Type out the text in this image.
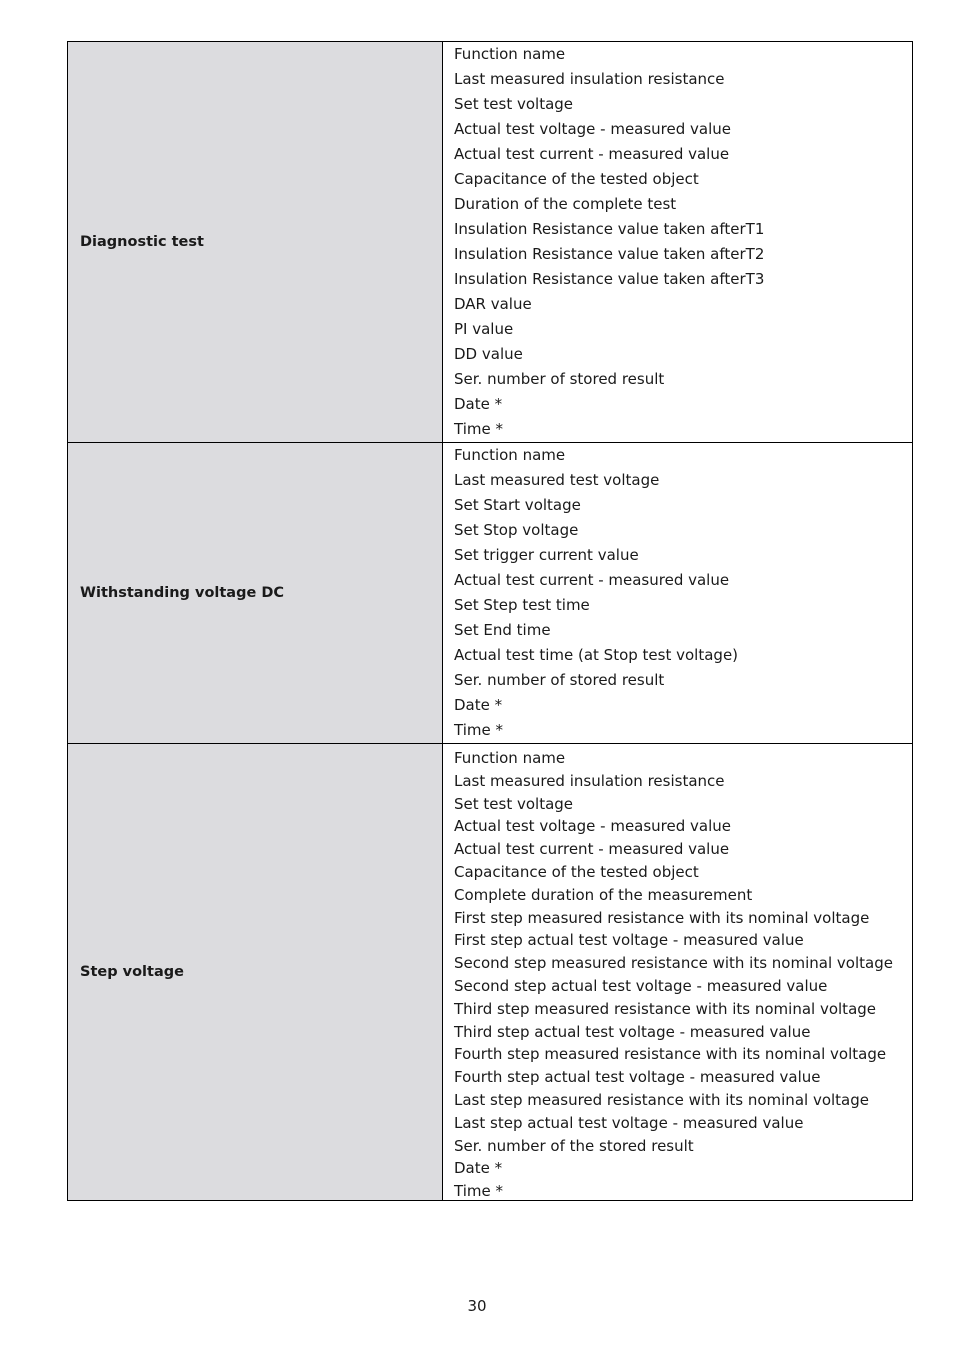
Diagnostic test
Function name
Last measured insulation resistance
Set test voltage
Actual test voltage - measured value
Actual test current - measured value
Capacitance of the tested object
Duration of the complete test
Insulation Resistance value taken afterT1
Insulation Resistance value taken afterT2
Insulation Resistance value taken afterT3
DAR value
PI value
DD value
Ser. number of stored result
Date *
Time *
Withstanding voltage DC
Function name
Last measured test voltage
Set Start voltage
Set Stop voltage
Set trigger current value
Actual test current - measured value
Set Step test time
Set End time
Actual test time (at Stop test voltage)
Ser. number of stored result
Date *
Time *
Step voltage
Function name
Last measured insulation resistance
Set test voltage
Actual test voltage - measured value
Actual test current - measured value
Capacitance of the tested object
Complete duration of the measurement
First step measured resistance with its nominal voltage
First step actual test voltage - measured value
Second step measured resistance with its nominal voltage
Second step actual test voltage - measured value
Third step measured resistance with its nominal voltage
Third step actual test voltage - measured value
Fourth step measured resistance with its nominal voltage
Fourth step actual test voltage - measured value
Last step measured resistance with its nominal voltage
Last step actual test voltage - measured value
Ser. number of the stored result
Date *
Time *
30
